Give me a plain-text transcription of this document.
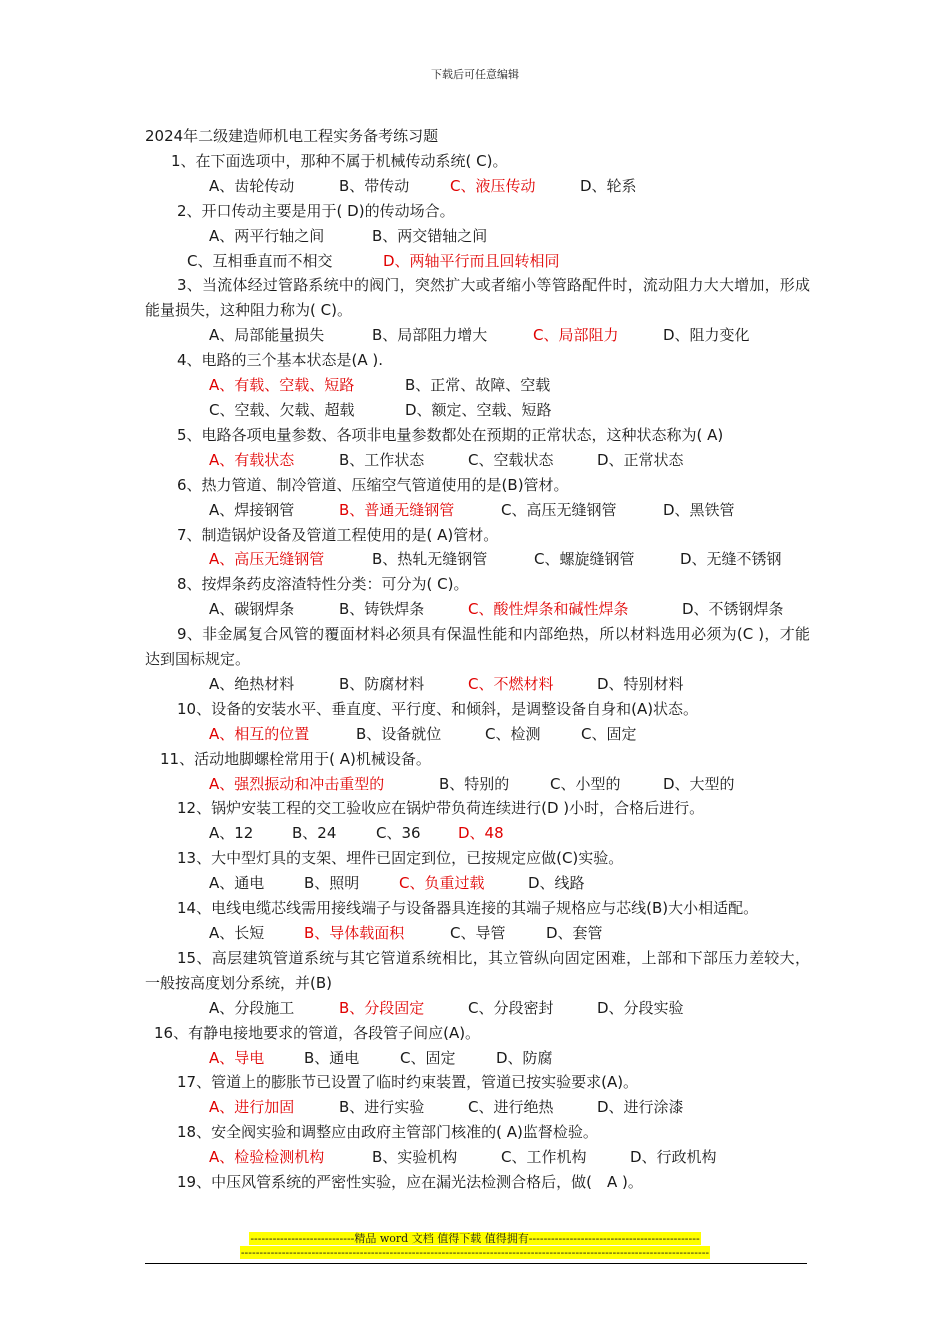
下载后可任意编辑
2024年二级建造师机电工程实务备考练习题
1、在下面选项中，那种不属于机械传动系统( C)。
A、齿轮传动	B、带传动	C、液压传动	D、轮系
2、开口传动主要是用于( D)的传动场合。
A、两平行轴之间	B、两交错轴之间
C、互相垂直而不相交	D、两轴平行而且回转相同
3、当流体经过管路系统中的阀门，突然扩大或者缩小等管路配件时，流动阻力大大增加，形成能量损失，这种阻力称为( C)。
A、局部能量损失	B、局部阻力增大	C、局部阻力	D、阻力变化
4、电路的三个基本状态是(A ).
A、有载、空载、短路	B、正常、故障、空载
C、空载、欠载、超载	D、额定、空载、短路
5、电路各项电量参数、各项非电量参数都处在预期的正常状态，这种状态称为( A)
A、有载状态	B、工作状态	C、空载状态	D、正常状态
6、热力管道、制冷管道、压缩空气管道使用的是(B)管材。
A、焊接钢管	B、普通无缝钢管	C、高压无缝钢管	D、黑铁管
7、制造锅炉设备及管道工程使用的是( A)管材。
A、高压无缝钢管	B、热轧无缝钢管	C、螺旋缝钢管	D、无缝不锈钢
8、按焊条药皮溶渣特性分类：可分为( C)。
A、碳钢焊条	B、铸铁焊条	C、酸性焊条和碱性焊条	D、不锈钢焊条
9、非金属复合风管的覆面材料必须具有保温性能和内部绝热，所以材料选用必须为(C )，才能达到国标规定。
A、绝热材料	B、防腐材料	C、不燃材料	D、特别材料
10、设备的安装水平、垂直度、平行度、和倾斜，是调整设备自身和(A)状态。
A、相互的位置	B、设备就位	C、检测	C、固定
11、活动地脚螺栓常用于( A)机械设备。
A、强烈振动和冲击重型的	B、特别的	C、小型的	D、大型的
12、锅炉安装工程的交工验收应在锅炉带负荷连续进行(D )小时，合格后进行。
A、12	B、24	C、36 D、48
13、大中型灯具的支架、埋件已固定到位，已按规定应做(C)实验。
A、通电	B、照明	C、负重过载	D、线路
14、电线电缆芯线需用接线端子与设备器具连接的其端子规格应与芯线(B)大小相适配。
A、长短	B、导体载面积	C、导管	D、套管
15、高层建筑管道系统与其它管道系统相比，其立管纵向固定困难，上部和下部压力差较大，一般按高度划分系统，并(B)
A、分段施工	B、分段固定	C、分段密封	D、分段实验
16、有静电接地要求的管道，各段管子间应(A)。
A、导电	B、通电	C、固定	D、防腐
17、管道上的膨胀节已设置了临时约束装置，管道已按实验要求(A)。
A、进行加固	B、进行实验	C、进行绝热	D、进行涂漆
18、安全阀实验和调整应由政府主管部门核准的( A)监督检验。
A、检验检测机构	B、实验机构	C、工作机构	D、行政机构
19、中压风管系统的严密性实验，应在漏光法检测合格后，做(　A )。
----------------------------精品 word 文档 值得下载 值得拥有----------------------------------------------
------------------------------------------------------------------------------------------------------------------------------
